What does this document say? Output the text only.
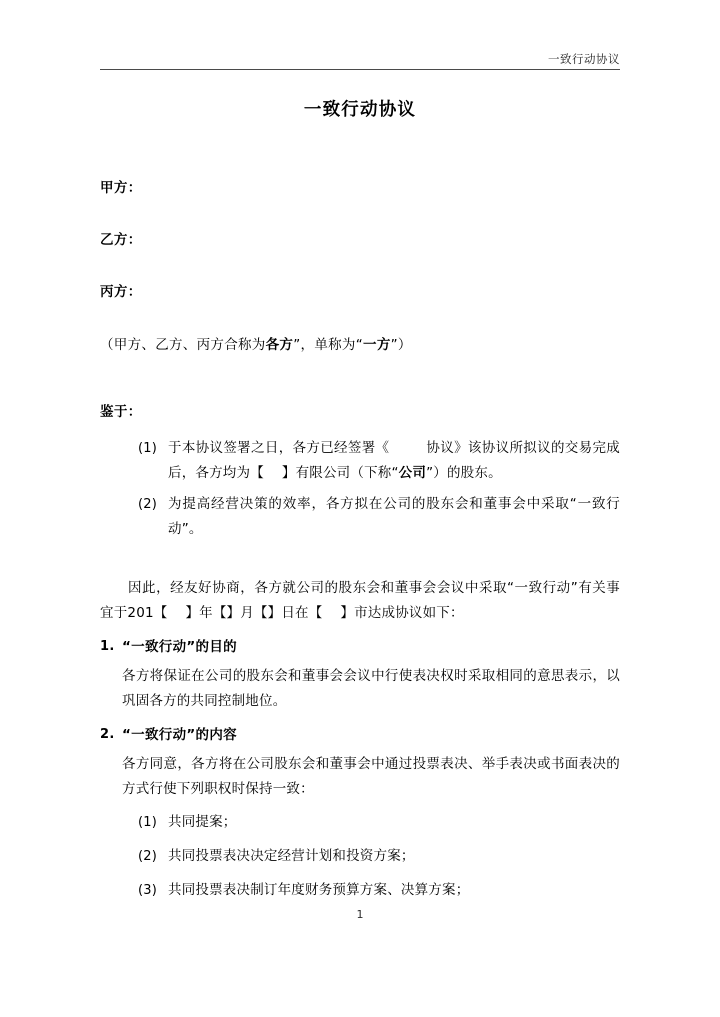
一致行动协议
一致行动协议

甲方：

乙方：

丙方：

（甲方、乙方、丙方合称为各方”，单称为“一方”）

鉴于：

(1) 于本协议签署之日，各方已经签署《	协议》该协议所拟议的交易完成后，各方均为【 】有限公司（下称“公司”）的股东。
(2) 为提高经营决策的效率，各方拟在公司的股东会和董事会中采取“一致行动”。

因此，经友好协商，各方就公司的股东会和董事会会议中采取“一致行动”有关事宜于201【 】年【】月【】日在【 】市达成协议如下：

1. “一致行动”的目的

各方将保证在公司的股东会和董事会会议中行使表决权时采取相同的意思表示，以巩固各方的共同控制地位。

2. “一致行动”的内容

各方同意，各方将在公司股东会和董事会中通过投票表决、举手表决或书面表决的方式行使下列职权时保持一致：

(1) 共同提案；
(2) 共同投票表决决定经营计划和投资方案；
(3) 共同投票表决制订年度财务预算方案、决算方案；
1
